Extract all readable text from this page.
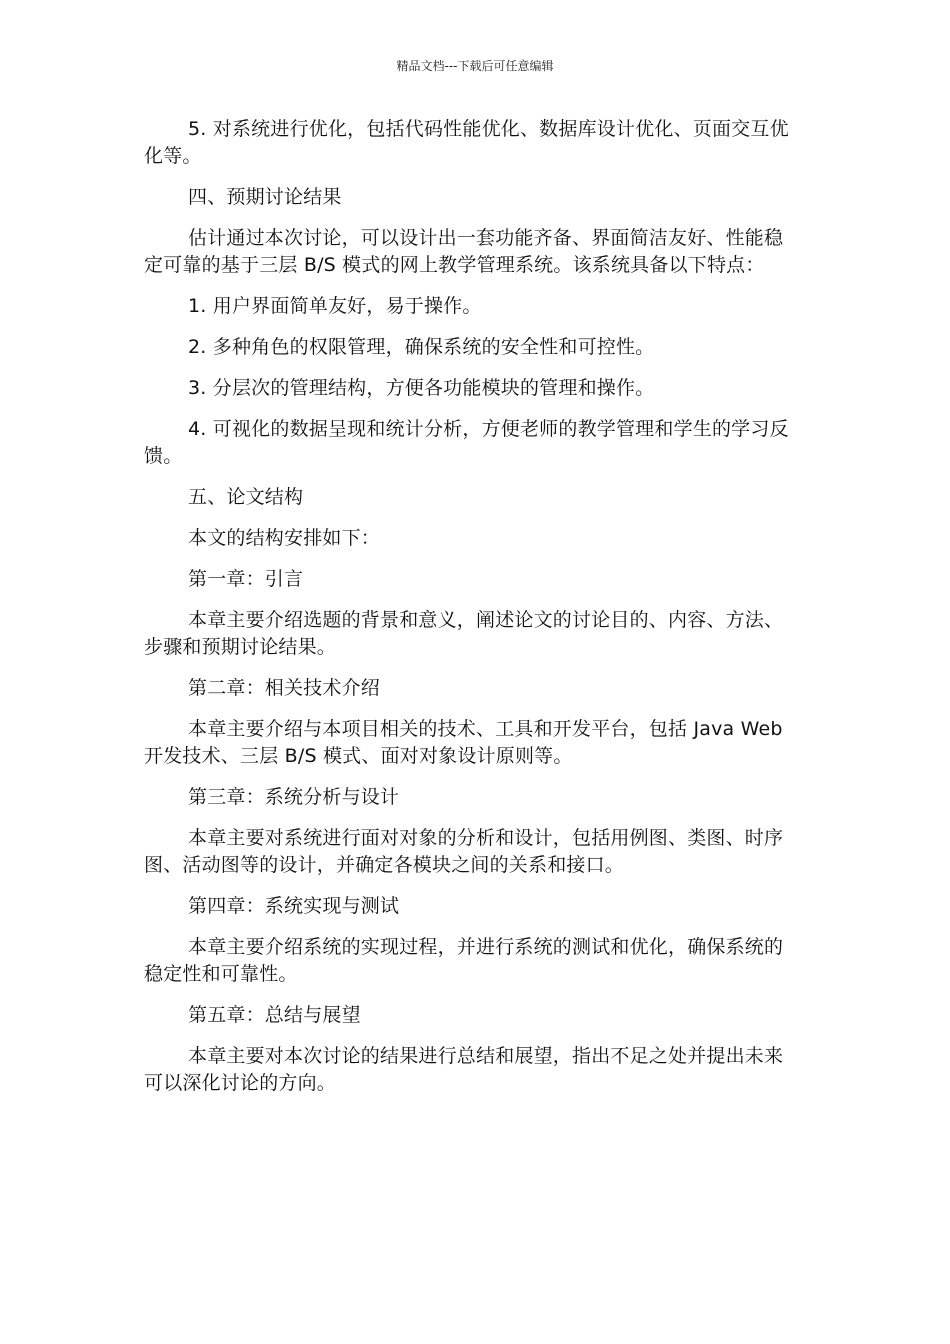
精品文档---下载后可任意编辑

5. 对系统进行优化，包括代码性能优化、数据库设计优化、页面交互优化等。

四、预期讨论结果

估计通过本次讨论，可以设计出一套功能齐备、界面简洁友好、性能稳定可靠的基于三层 B/S 模式的网上教学管理系统。该系统具备以下特点：

1. 用户界面简单友好，易于操作。

2. 多种角色的权限管理，确保系统的安全性和可控性。

3. 分层次的管理结构，方便各功能模块的管理和操作。

4. 可视化的数据呈现和统计分析，方便老师的教学管理和学生的学习反馈。

五、论文结构

本文的结构安排如下：

第一章：引言

本章主要介绍选题的背景和意义，阐述论文的讨论目的、内容、方法、步骤和预期讨论结果。

第二章：相关技术介绍

本章主要介绍与本项目相关的技术、工具和开发平台，包括 Java Web 开发技术、三层 B/S 模式、面对对象设计原则等。

第三章：系统分析与设计

本章主要对系统进行面对对象的分析和设计，包括用例图、类图、时序图、活动图等的设计，并确定各模块之间的关系和接口。

第四章：系统实现与测试

本章主要介绍系统的实现过程，并进行系统的测试和优化，确保系统的稳定性和可靠性。

第五章：总结与展望

本章主要对本次讨论的结果进行总结和展望，指出不足之处并提出未来可以深化讨论的方向。
